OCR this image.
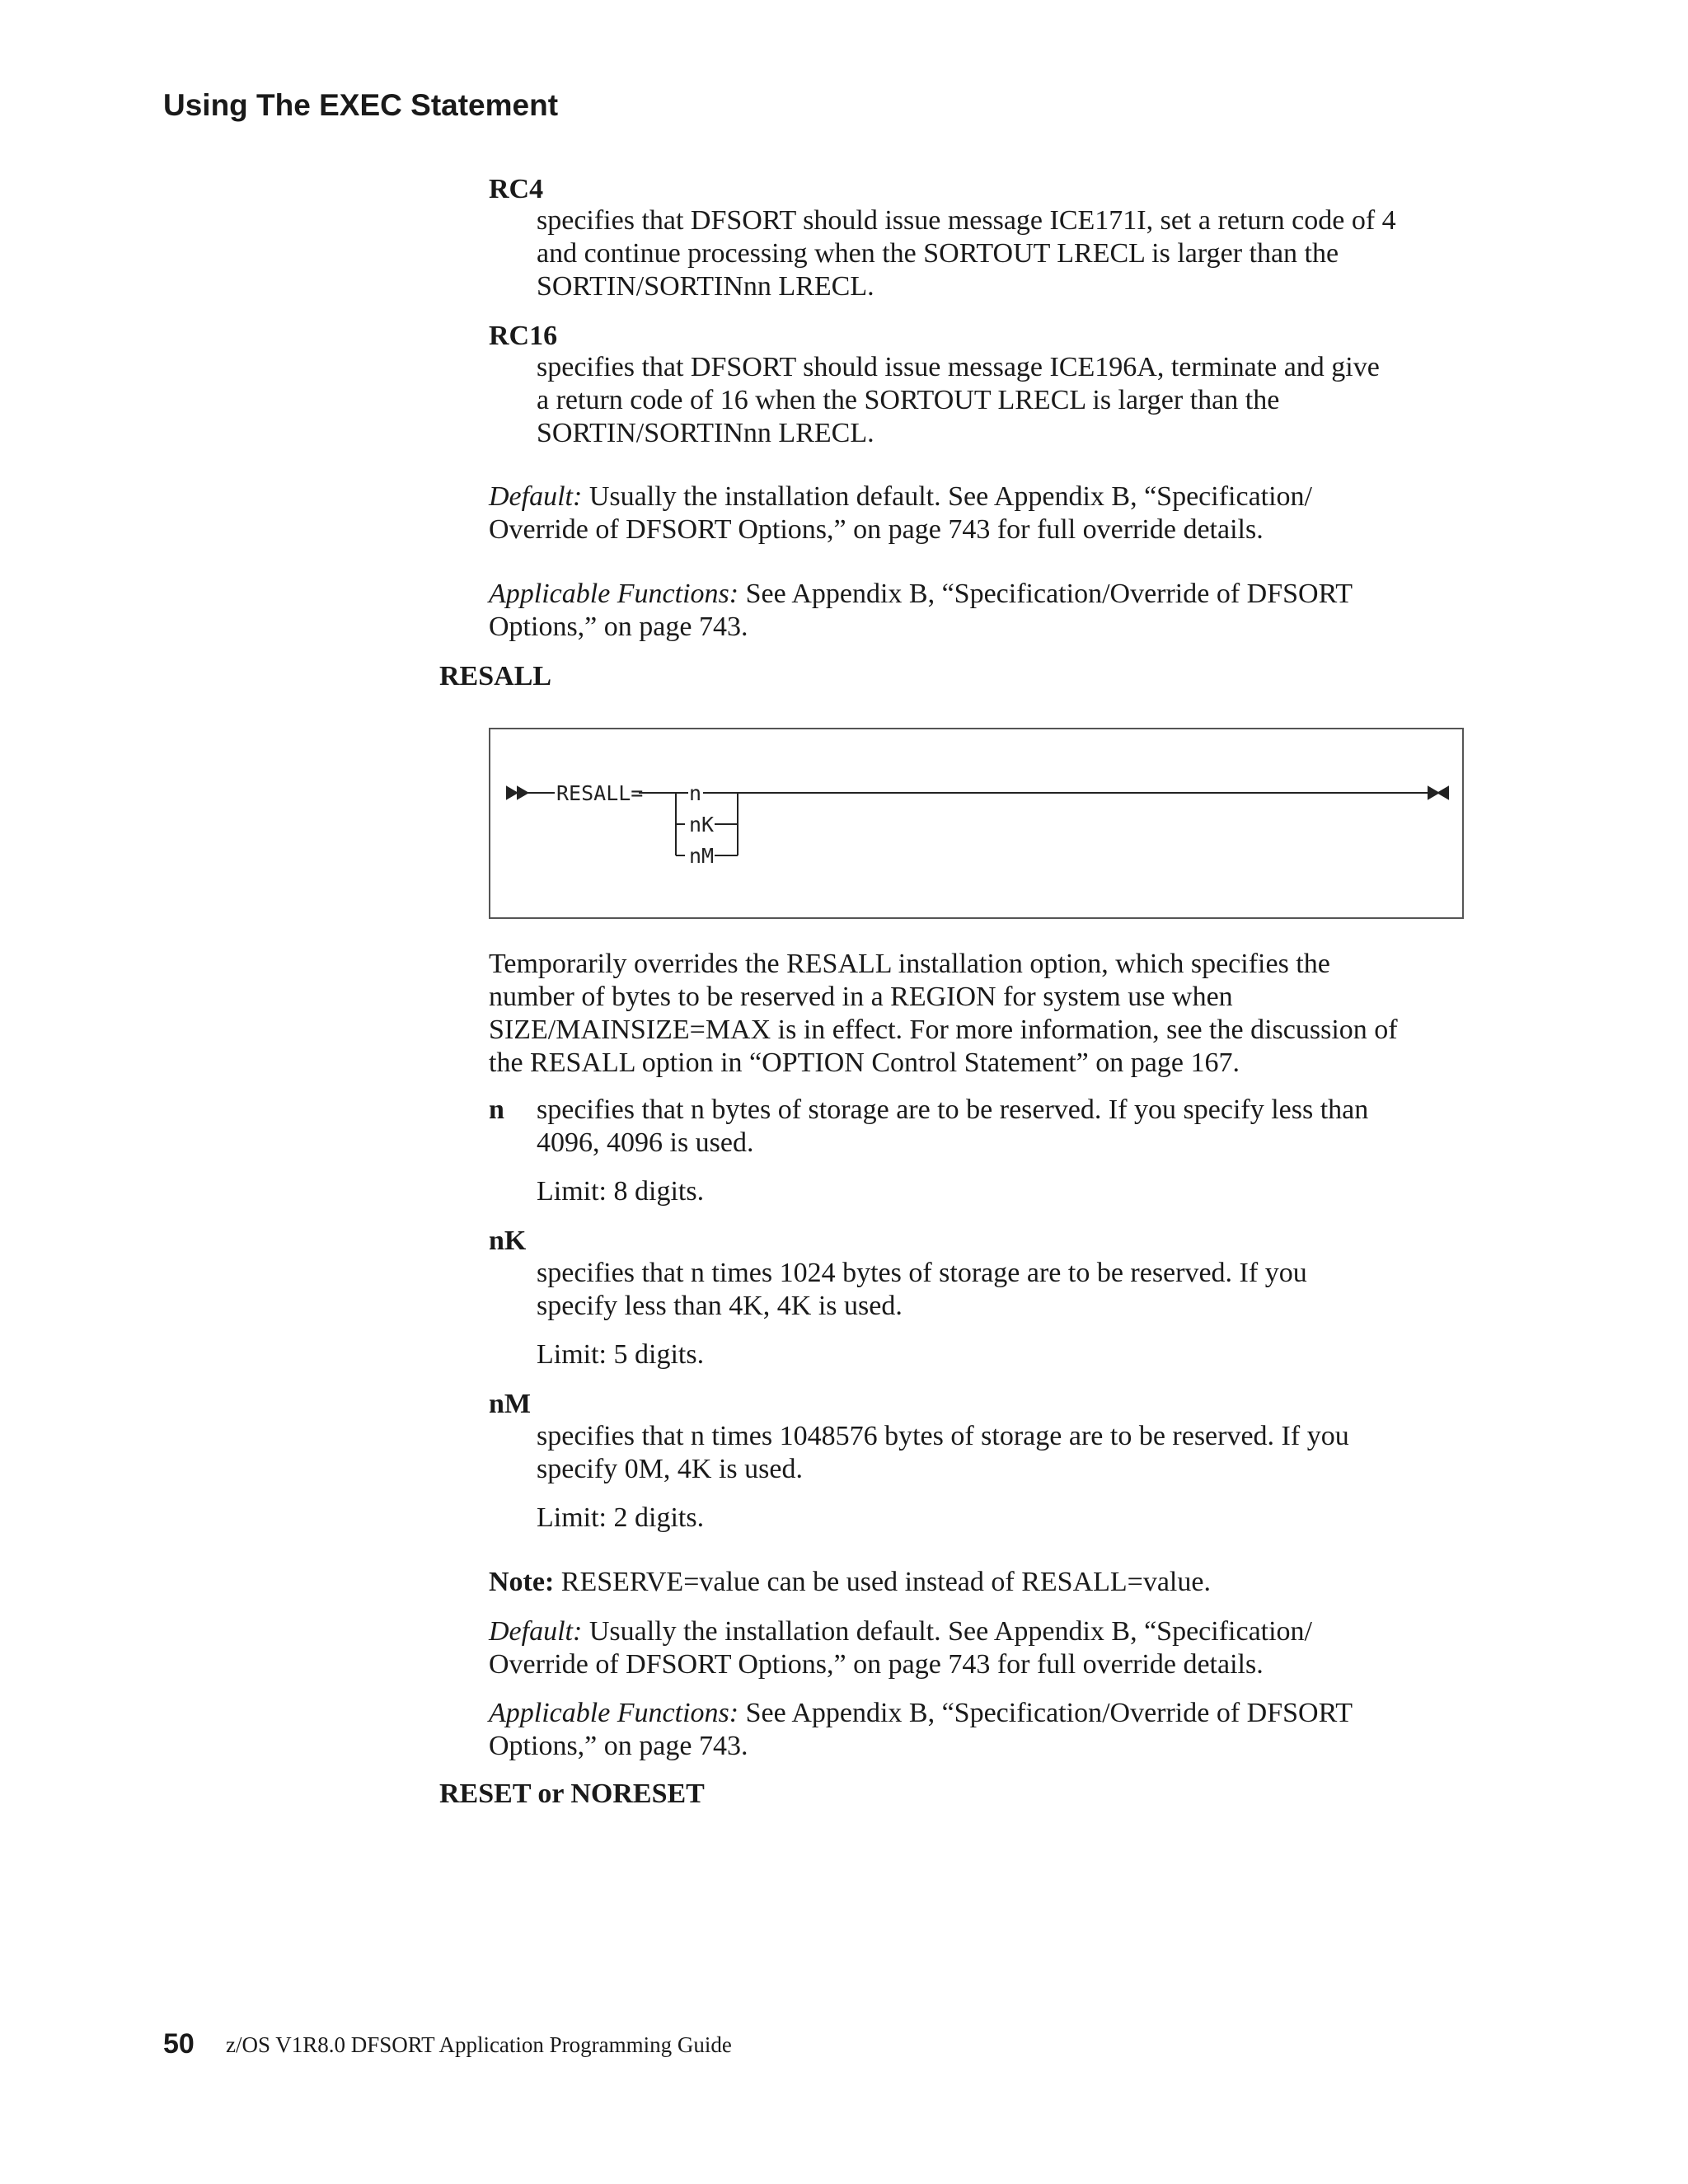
Using The EXEC Statement
RC4
specifies that DFSORT should issue message ICE171I, set a return code of 4
and continue processing when the SORTOUT LRECL is larger than the
SORTIN/SORTINnn LRECL.
RC16
specifies that DFSORT should issue message ICE196A, terminate and give
a return code of 16 when the SORTOUT LRECL is larger than the
SORTIN/SORTINnn LRECL.
Default: Usually the installation default. See Appendix B, “Specification/
Override of DFSORT Options,” on page 743 for full override details.
Applicable Functions: See Appendix B, “Specification/Override of DFSORT
Options,” on page 743.
RESALL
RESALL= n
nK
nM
Temporarily overrides the RESALL installation option, which specifies the
number of bytes to be reserved in a REGION for system use when
SIZE/MAINSIZE=MAX is in effect. For more information, see the discussion of
the RESALL option in “OPTION Control Statement” on page 167.
n specifies that n bytes of storage are to be reserved. If you specify less than
4096, 4096 is used.
Limit: 8 digits.
nK
specifies that n times 1024 bytes of storage are to be reserved. If you
specify less than 4K, 4K is used.
Limit: 5 digits.
nM
specifies that n times 1048576 bytes of storage are to be reserved. If you
specify 0M, 4K is used.
Limit: 2 digits.
Note: RESERVE=value can be used instead of RESALL=value.
Default: Usually the installation default. See Appendix B, “Specification/
Override of DFSORT Options,” on page 743 for full override details.
Applicable Functions: See Appendix B, “Specification/Override of DFSORT
Options,” on page 743.
RESET or NORESET
50 z/OS V1R8.0 DFSORT Application Programming Guide
